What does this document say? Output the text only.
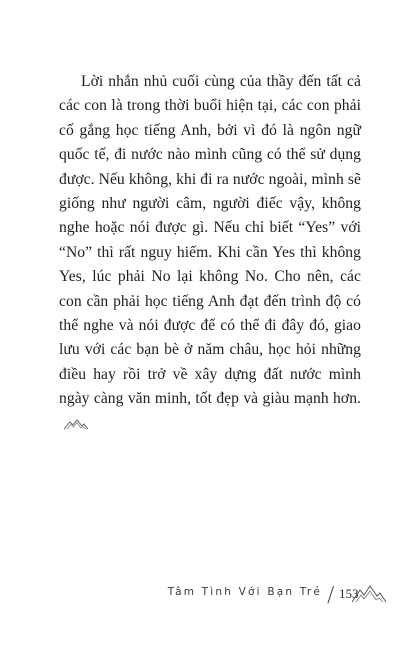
Lời nhắn nhủ cuối cùng của thầy đến tất cả các con là trong thời buổi hiện tại, các con phải cố gắng học tiếng Anh, bởi vì đó là ngôn ngữ quốc tế, đi nước nào mình cũng có thể sử dụng được. Nếu không, khi đi ra nước ngoài, mình sẽ giống như người câm, người điếc vậy, không nghe hoặc nói được gì. Nếu chỉ biết “Yes” với “No” thì rất nguy hiểm. Khi cần Yes thì không Yes, lúc phải No lại không No. Cho nên, các con cần phải học tiếng Anh đạt đến trình độ có thể nghe và nói được để có thể đi đây đó, giao lưu với các bạn bè ở năm châu, học hỏi những điều hay rồi trở về xây dựng đất nước mình ngày càng văn minh, tốt đẹp và giàu mạnh hơn.

Tâm Tình Với Bạn Trẻ 153
